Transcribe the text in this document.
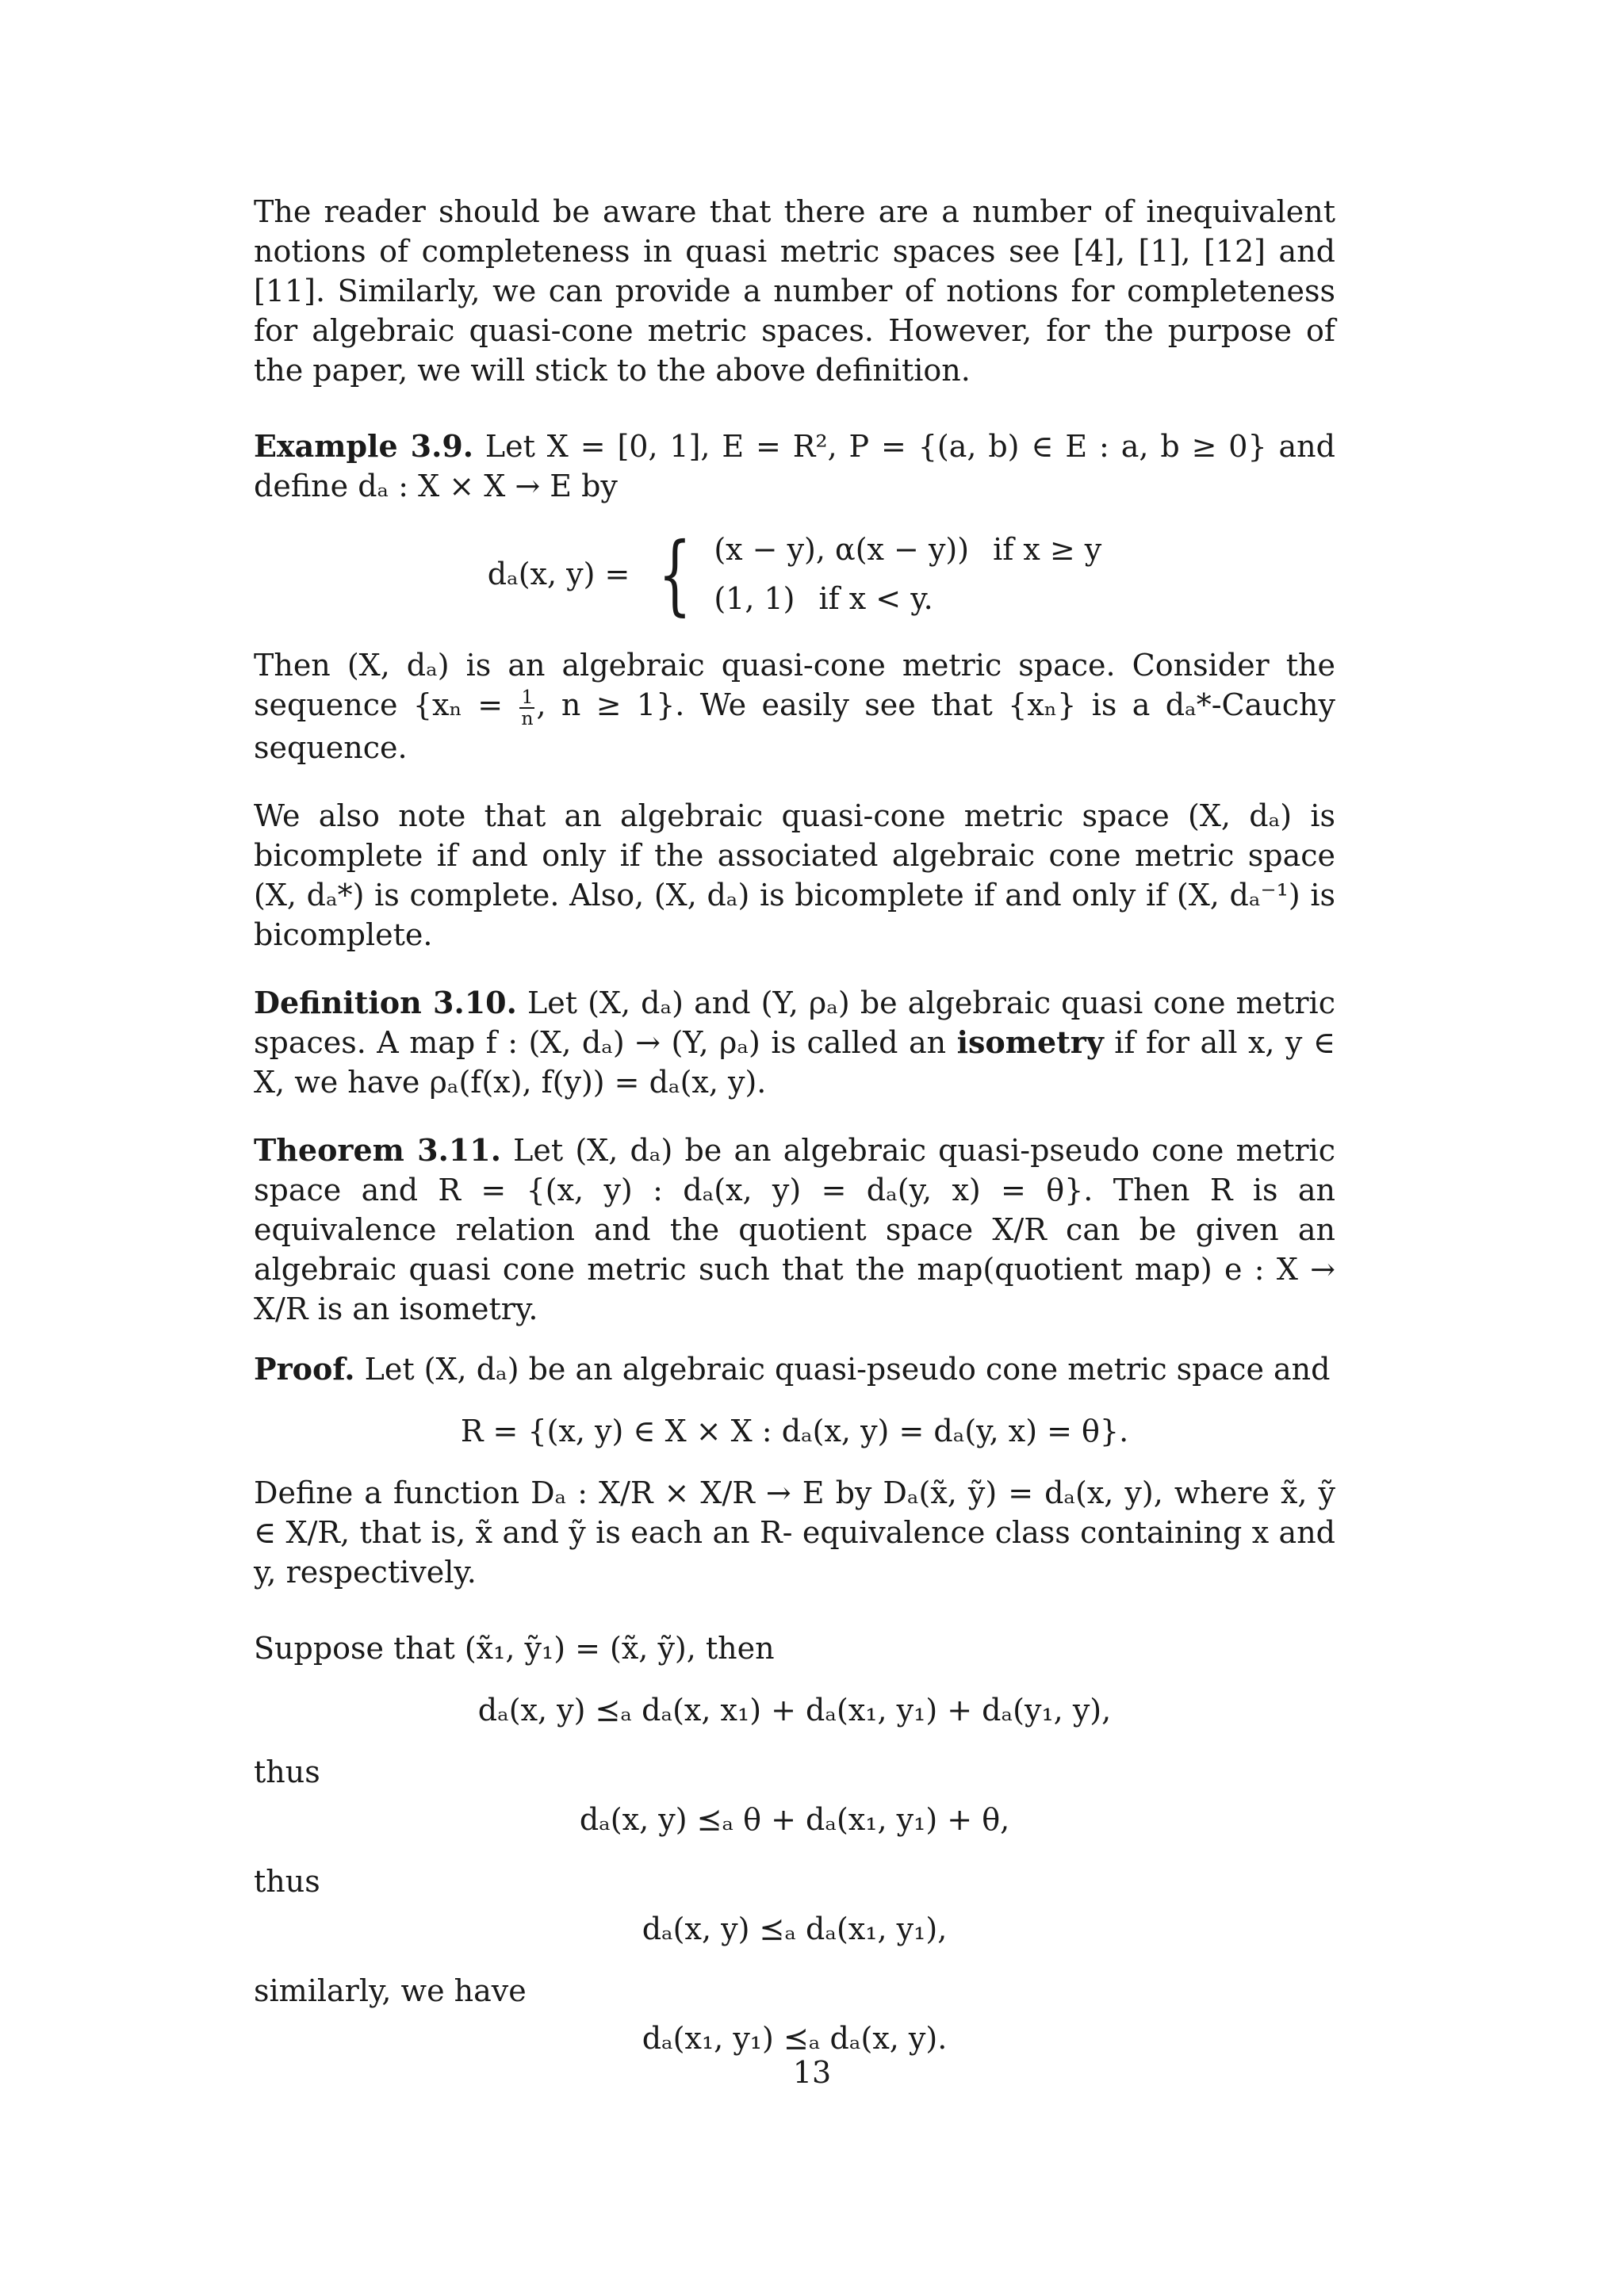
The reader should be aware that there are a number of inequivalent notions of completeness in quasi metric spaces see [4], [1], [12] and [11]. Similarly, we can provide a number of notions for completeness for algebraic quasi-cone metric spaces. However, for the purpose of the paper, we will stick to the above definition.

Example 3.9. Let X = [0, 1], E = R², P = {(a, b) ∈ E : a, b ≥ 0} and define dₐ : X × X → E by

dₐ(x, y) = { (x − y), α(x − y)) if x ≥ y
(1, 1) if x < y.

Then (X, dₐ) is an algebraic quasi-cone metric space. Consider the sequence {$x_n = \frac{1}{n}$ , n ≥ 1}. We easily see that {xₙ} is a dₐ*-Cauchy sequence.

We also note that an algebraic quasi-cone metric space (X, dₐ) is bicomplete if and only if the associated algebraic cone metric space (X, dₐ*) is complete. Also, (X, dₐ) is bicomplete if and only if (X, dₐ⁻¹) is bicomplete.

Definition 3.10. Let (X, dₐ) and (Y, ρₐ) be algebraic quasi cone metric spaces. A map f : (X, dₐ) → (Y, ρₐ) is called an isometry if for all x, y ∈ X, we have ρₐ(f(x), f(y)) = dₐ(x, y).

Theorem 3.11. Let (X, dₐ) be an algebraic quasi-pseudo cone metric space and R = {(x, y) : dₐ(x, y) = dₐ(y, x) = θ}. Then R is an equivalence relation and the quotient space X/R can be given an algebraic quasi cone metric such that the map(quotient map) e : X → X/R is an isometry.

Proof. Let (X, dₐ) be an algebraic quasi-pseudo cone metric space and

R = {(x, y) ∈ X × X : dₐ(x, y) = dₐ(y, x) = θ}.

Define a function Dₐ : X/R × X/R → E by Dₐ(x̃, ỹ) = dₐ(x, y), where x̃, ỹ ∈ X/R, that is, x̃ and ỹ is each an R- equivalence class containing x and y, respectively.

Suppose that (x̃₁, ỹ₁) = (x̃, ỹ), then

dₐ(x, y) ⪯ₐ dₐ(x, x₁) + dₐ(x₁, y₁) + dₐ(y₁, y),

thus

dₐ(x, y) ⪯ₐ θ + dₐ(x₁, y₁) + θ,

thus

dₐ(x, y) ⪯ₐ dₐ(x₁, y₁),

similarly, we have

dₐ(x₁, y₁) ⪯ₐ dₐ(x, y).
13
